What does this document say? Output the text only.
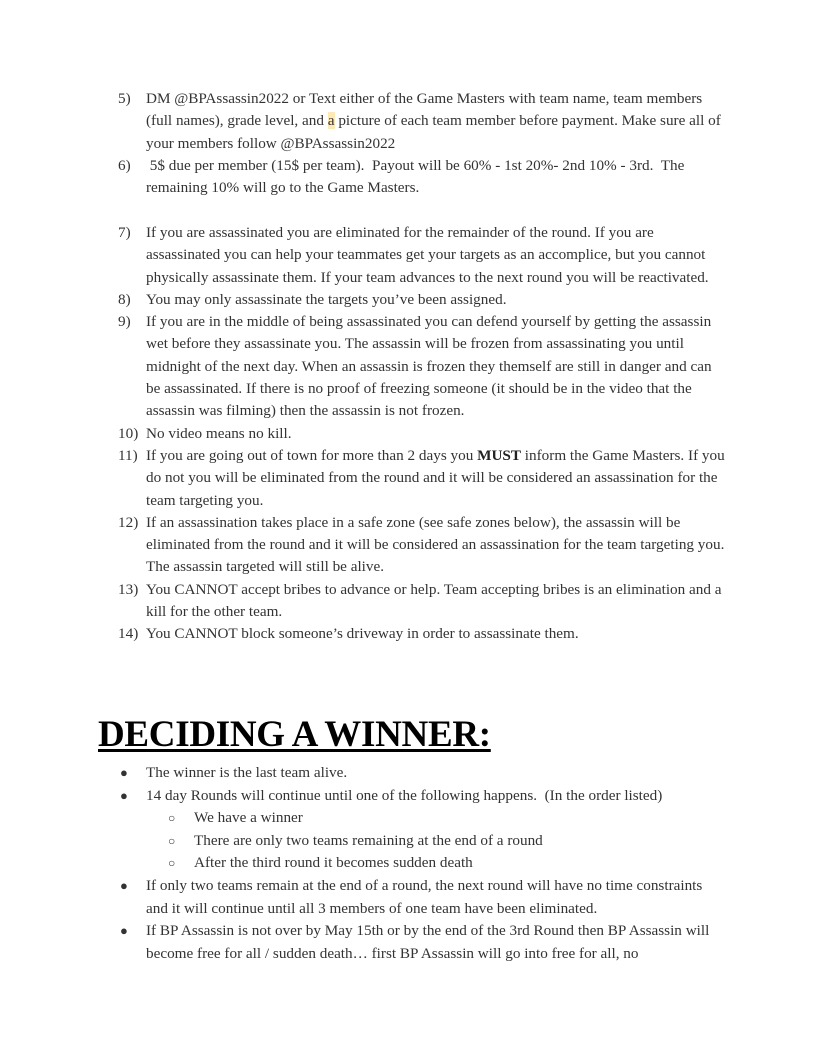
5)	DM @BPAssassin2022 or Text either of the Game Masters with team name, team members (full names), grade level, and a picture of each team member before payment. Make sure all of your members follow @BPAssassin2022
6)	5$ due per member (15$ per team).  Payout will be 60% - 1st 20%- 2nd 10% - 3rd.  The remaining 10% will go to the Game Masters.
7)	If you are assassinated you are eliminated for the remainder of the round. If you are assassinated you can help your teammates get your targets as an accomplice, but you cannot physically assassinate them. If your team advances to the next round you will be reactivated.
8)	You may only assassinate the targets you’ve been assigned.
9)	If you are in the middle of being assassinated you can defend yourself by getting the assassin wet before they assassinate you. The assassin will be frozen from assassinating you until midnight of the next day. When an assassin is frozen they themself are still in danger and can be assassinated. If there is no proof of freezing someone (it should be in the video that the assassin was filming) then the assassin is not frozen.
10) No video means no kill.
11) If you are going out of town for more than 2 days you MUST inform the Game Masters. If you do not you will be eliminated from the round and it will be considered an assassination for the team targeting you.
12) If an assassination takes place in a safe zone (see safe zones below), the assassin will be eliminated from the round and it will be considered an assassination for the team targeting you. The assassin targeted will still be alive.
13) You CANNOT accept bribes to advance or help. Team accepting bribes is an elimination and a kill for the other team.
14) You CANNOT block someone’s driveway in order to assassinate them.
DECIDING A WINNER:
●	The winner is the last team alive.
●	14 day Rounds will continue until one of the following happens.  (In the order listed)
○	We have a winner
○	There are only two teams remaining at the end of a round
○	After the third round it becomes sudden death
●	If only two teams remain at the end of a round, the next round will have no time constraints and it will continue until all 3 members of one team have been eliminated.
●	If BP Assassin is not over by May 15th or by the end of the 3rd Round then BP Assassin will become free for all / sudden death… first BP Assassin will go into free for all, no
